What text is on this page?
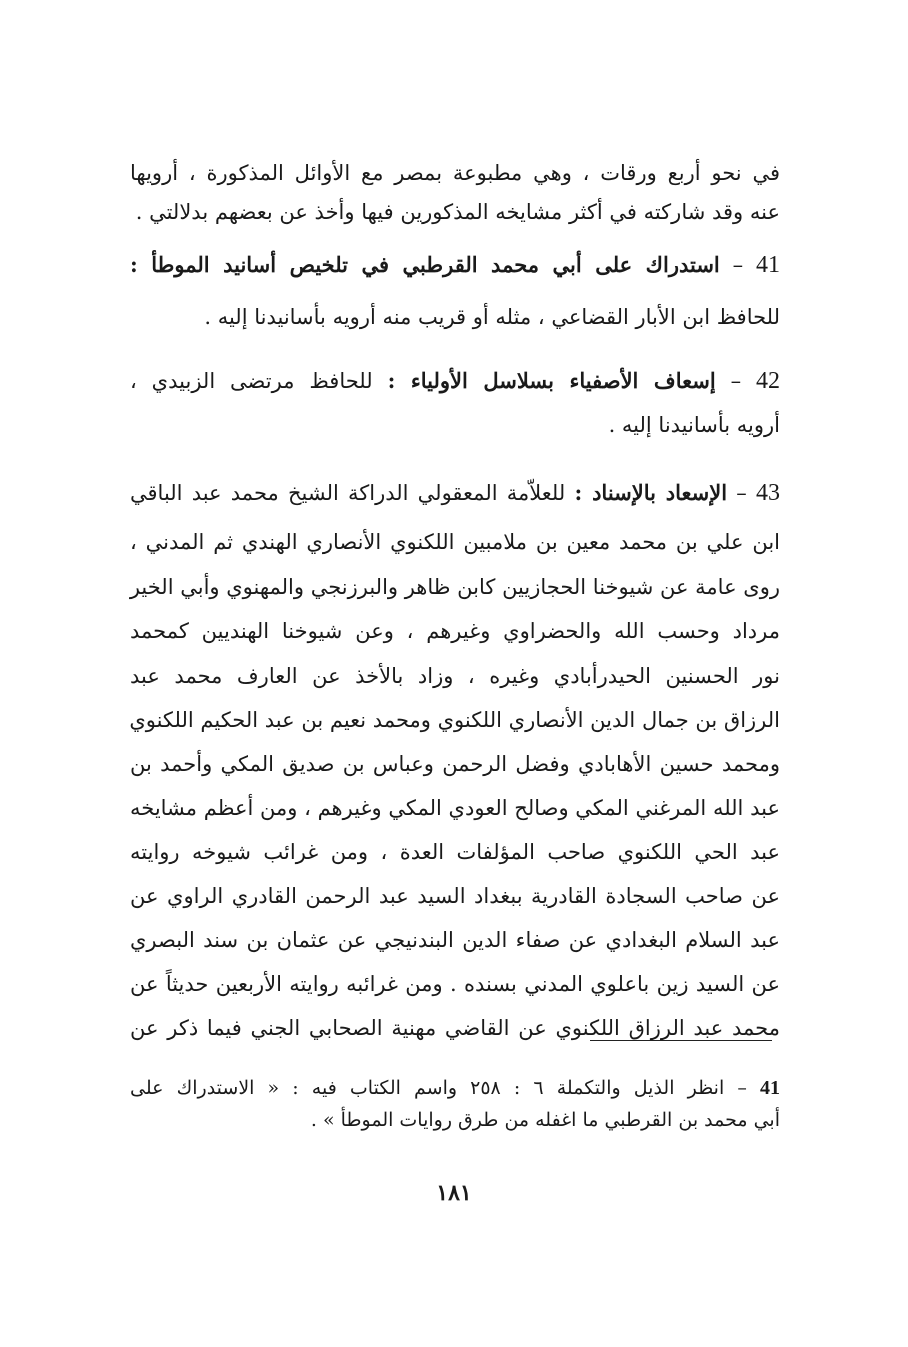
في نحو أربع ورقات ، وهي مطبوعة بمصر مع الأوائل المذكورة ، أرويها
عنه وقد شاركته في أكثر مشايخه المذكورين فيها وأخذ عن بعضهم بدلالتي .
41 – استدراك على أبي محمد القرطبي في تلخيص أسانيد الموطأ :
للحافظ ابن الأبار القضاعي ، مثله أو قريب منه أرويه بأسانيدنا إليه .
42 – إسعاف الأصفياء بسلاسل الأولياء : للحافظ مرتضى الزبيدي ،
أرويه بأسانيدنا إليه .
43 – الإسعاد بالإسناد : للعلاّمة المعقولي الدراكة الشيخ محمد عبد الباقي
ابن علي بن محمد معين بن ملامبين اللكنوي الأنصاري الهندي ثم المدني ،
روى عامة عن شيوخنا الحجازيين كابن ظاهر والبرزنجي والمهنوي وأبي الخير
مرداد وحسب الله والحضراوي وغيرهم ، وعن شيوخنا الهنديين كمحمد
نور الحسنين الحيدرأبادي وغيره ، وزاد بالأخذ عن العارف محمد عبد
الرزاق بن جمال الدين الأنصاري اللكنوي ومحمد نعيم بن عبد الحكيم اللكنوي
ومحمد حسين الأهابادي وفضل الرحمن وعباس بن صديق المكي وأحمد بن
عبد الله المرغني المكي وصالح العودي المكي وغيرهم ، ومن أعظم مشايخه
عبد الحي اللكنوي صاحب المؤلفات العدة ، ومن غرائب شيوخه روايته
عن صاحب السجادة القادرية ببغداد السيد عبد الرحمن القادري الراوي عن
عبد السلام البغدادي عن صفاء الدين البندنيجي عن عثمان بن سند البصري
عن السيد زين باعلوي المدني بسنده . ومن غرائبه روايته الأربعين حديثاً عن
محمد عبد الرزاق اللكنوي عن القاضي مهنية الصحابي الجني فيما ذكر عن
41 – انظر الذيل والتكملة ٦ : ٢٥٨ واسم الكتاب فيه : « الاستدراك على
أبي محمد بن القرطبي ما اغفله من طرق روايات الموطأ » .
١٨١
